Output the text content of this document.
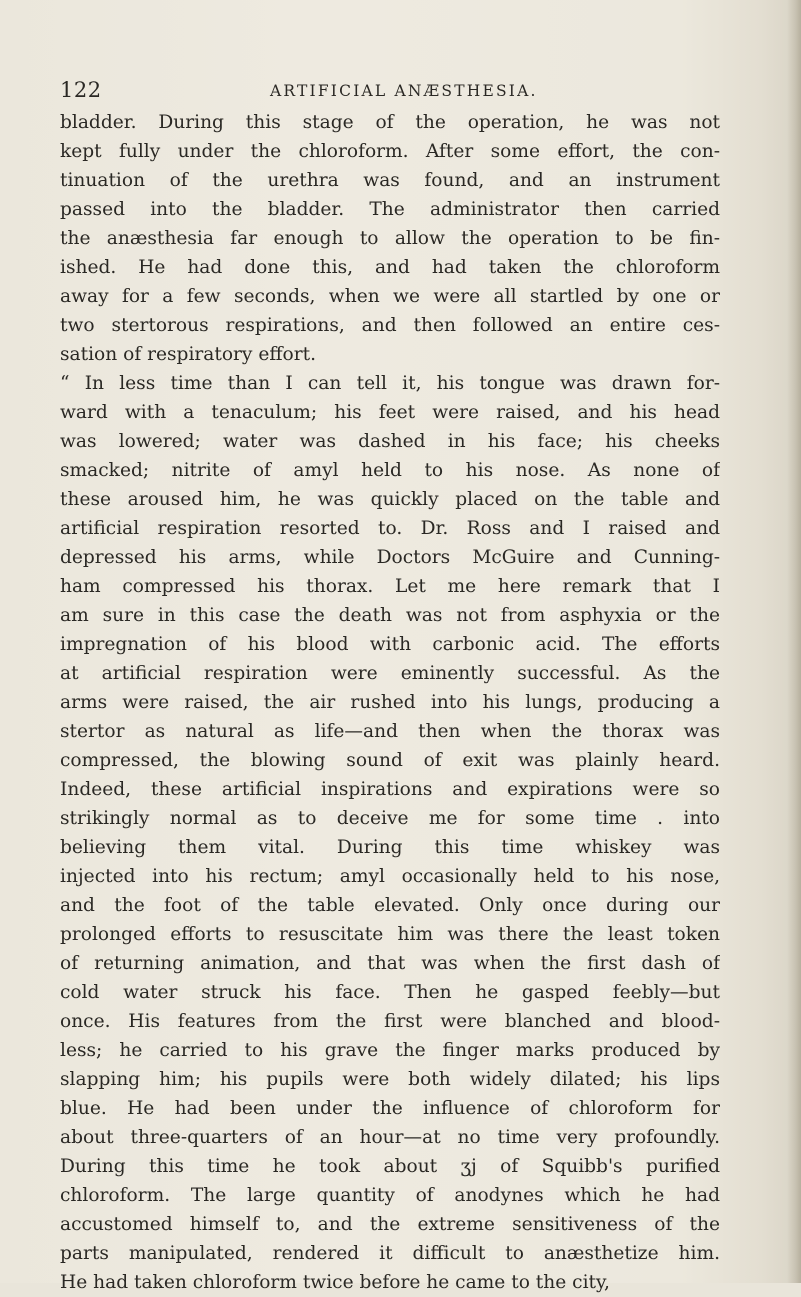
122	ARTIFICIAL ANÆSTHESIA.
bladder. During this stage of the operation, he was not
kept fully under the chloroform. After some effort, the con-
tinuation of the urethra was found, and an instrument
passed into the bladder. The administrator then carried
the anæsthesia far enough to allow the operation to be fin-
ished. He had done this, and had taken the chloroform
away for a few seconds, when we were all startled by one or
two stertorous respirations, and then followed an entire ces-
sation of respiratory effort.
“ In less time than I can tell it, his tongue was drawn for-
ward with a tenaculum; his feet were raised, and his head
was lowered; water was dashed in his face; his cheeks
smacked; nitrite of amyl held to his nose. As none of
these aroused him, he was quickly placed on the table and
artificial respiration resorted to. Dr. Ross and I raised and
depressed his arms, while Doctors McGuire and Cunning-
ham compressed his thorax. Let me here remark that I
am sure in this case the death was not from asphyxia or the
impregnation of his blood with carbonic acid. The efforts
at artificial respiration were eminently successful. As the
arms were raised, the air rushed into his lungs, producing a
stertor as natural as life—and then when the thorax was
compressed, the blowing sound of exit was plainly heard.
Indeed, these artificial inspirations and expirations were so
strikingly normal as to deceive me for some time . into
believing them vital. During this time whiskey was
injected into his rectum; amyl occasionally held to his nose,
and the foot of the table elevated. Only once during our
prolonged efforts to resuscitate him was there the least token
of returning animation, and that was when the first dash of
cold water struck his face. Then he gasped feebly—but
once. His features from the first were blanched and blood-
less; he carried to his grave the finger marks produced by
slapping him; his pupils were both widely dilated; his lips
blue. He had been under the influence of chloroform for
about three-quarters of an hour—at no time very profoundly.
During this time he took about ʒj of Squibb's purified
chloroform. The large quantity of anodynes which he had
accustomed himself to, and the extreme sensitiveness of the
parts manipulated, rendered it difficult to anæsthetize him.
He had taken chloroform twice before he came to the city,
